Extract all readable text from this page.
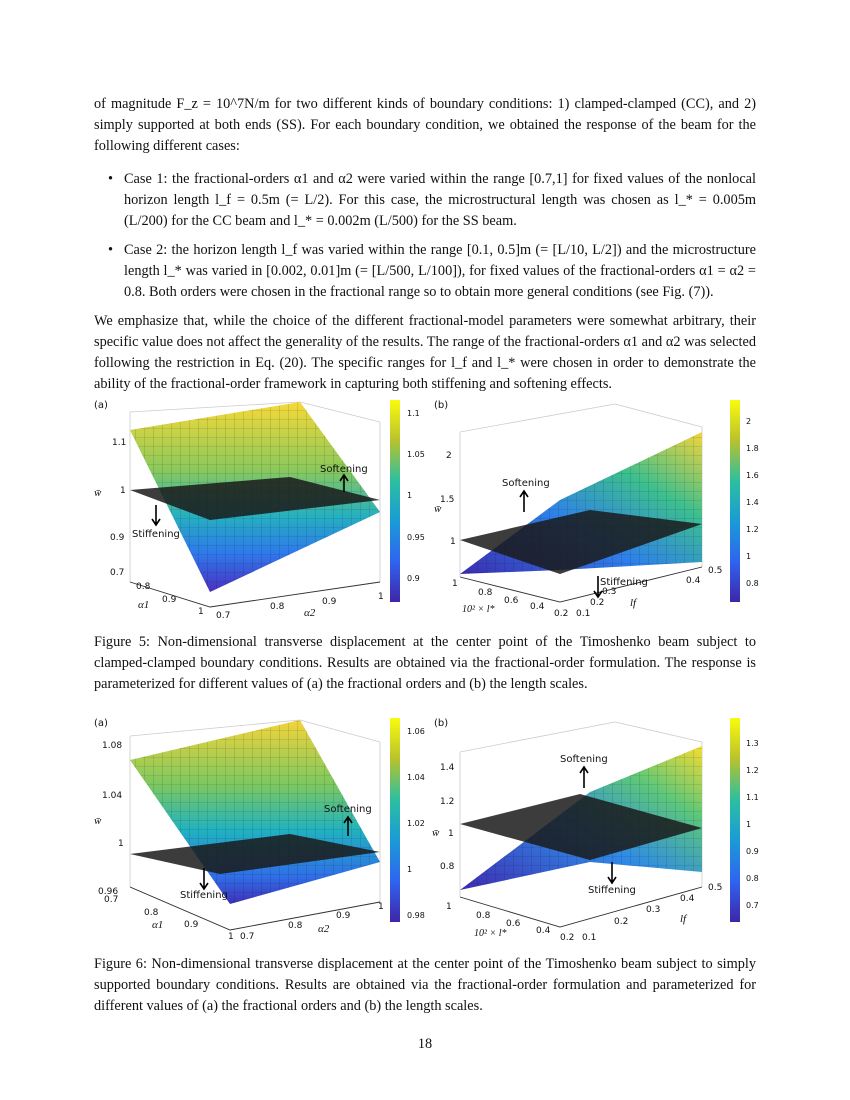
of magnitude F_z = 10^7N/m for two different kinds of boundary conditions: 1) clamped-clamped (CC), and 2) simply supported at both ends (SS). For each boundary condition, we obtained the response of the beam for the following different cases:

• Case 1: the fractional-orders α1 and α2 were varied within the range [0.7,1] for fixed values of the nonlocal horizon length l_f = 0.5m (= L/2). For this case, the microstructural length was chosen as l_* = 0.005m (L/200) for the CC beam and l_* = 0.002m (L/500) for the SS beam.
• Case 2: the horizon length l_f was varied within the range [0.1, 0.5]m (= [L/10, L/2]) and the microstructure length l_* was varied in [0.002, 0.01]m (= [L/500, L/100]), for fixed values of the fractional-orders α1 = α2 = 0.8. Both orders were chosen in the fractional range so to obtain more general conditions (see Fig. (7)).

We emphasize that, while the choice of the different fractional-model parameters were somewhat arbitrary, their specific value does not affect the generality of the results. The range of the fractional-orders α1 and α2 was selected following the restriction in Eq. (20). The specific ranges for l_f and l_* were chosen in order to demonstrate the ability of the fractional-order framework in capturing both stiffening and softening effects.

(a)
1.1
1
0.9
w̄
0.7
0.8
0.9
1
α1
0.7
0.8	0.9	1
α2
Softening
Stiffening
1.1
1.05
1
0.95
0.9
(b)
2
1.5
1
w̄
1
0.8
0.6
0.4
0.2
10² × l*	0.1
0.2
0.3
0.4
0.5
lf
Softening
Stiffening
2
1.8
1.6
1.4
1.2
1
0.8
Figure 5: Non-dimensional transverse displacement at the center point of the Timoshenko beam subject to clamped-clamped boundary conditions. Results are obtained via the fractional-order formulation. The response is parameterized for different values of (a) the fractional orders and (b) the length scales.
(a)
1.08
1.04
1
0.96
w̄
0.7
0.8
0.9
1
α1
0.7
0.8
0.9
1
α2
Softening
Stiffening
1.06
1.04
1.02
1
0.98
(b)
1.4
1.2
1
0.8
w̄
1
0.8
0.6
0.4
0.2
10² × l*	0.1
0.2
0.3
0.4
0.5
lf
Softening
Stiffening
1.3
1.2
1.1
1
0.9
0.8
0.7
Figure 6: Non-dimensional transverse displacement at the center point of the Timoshenko beam subject to simply supported boundary conditions. Results are obtained via the fractional-order formulation and parameterized for different values of (a) the fractional orders and (b) the length scales.
18
